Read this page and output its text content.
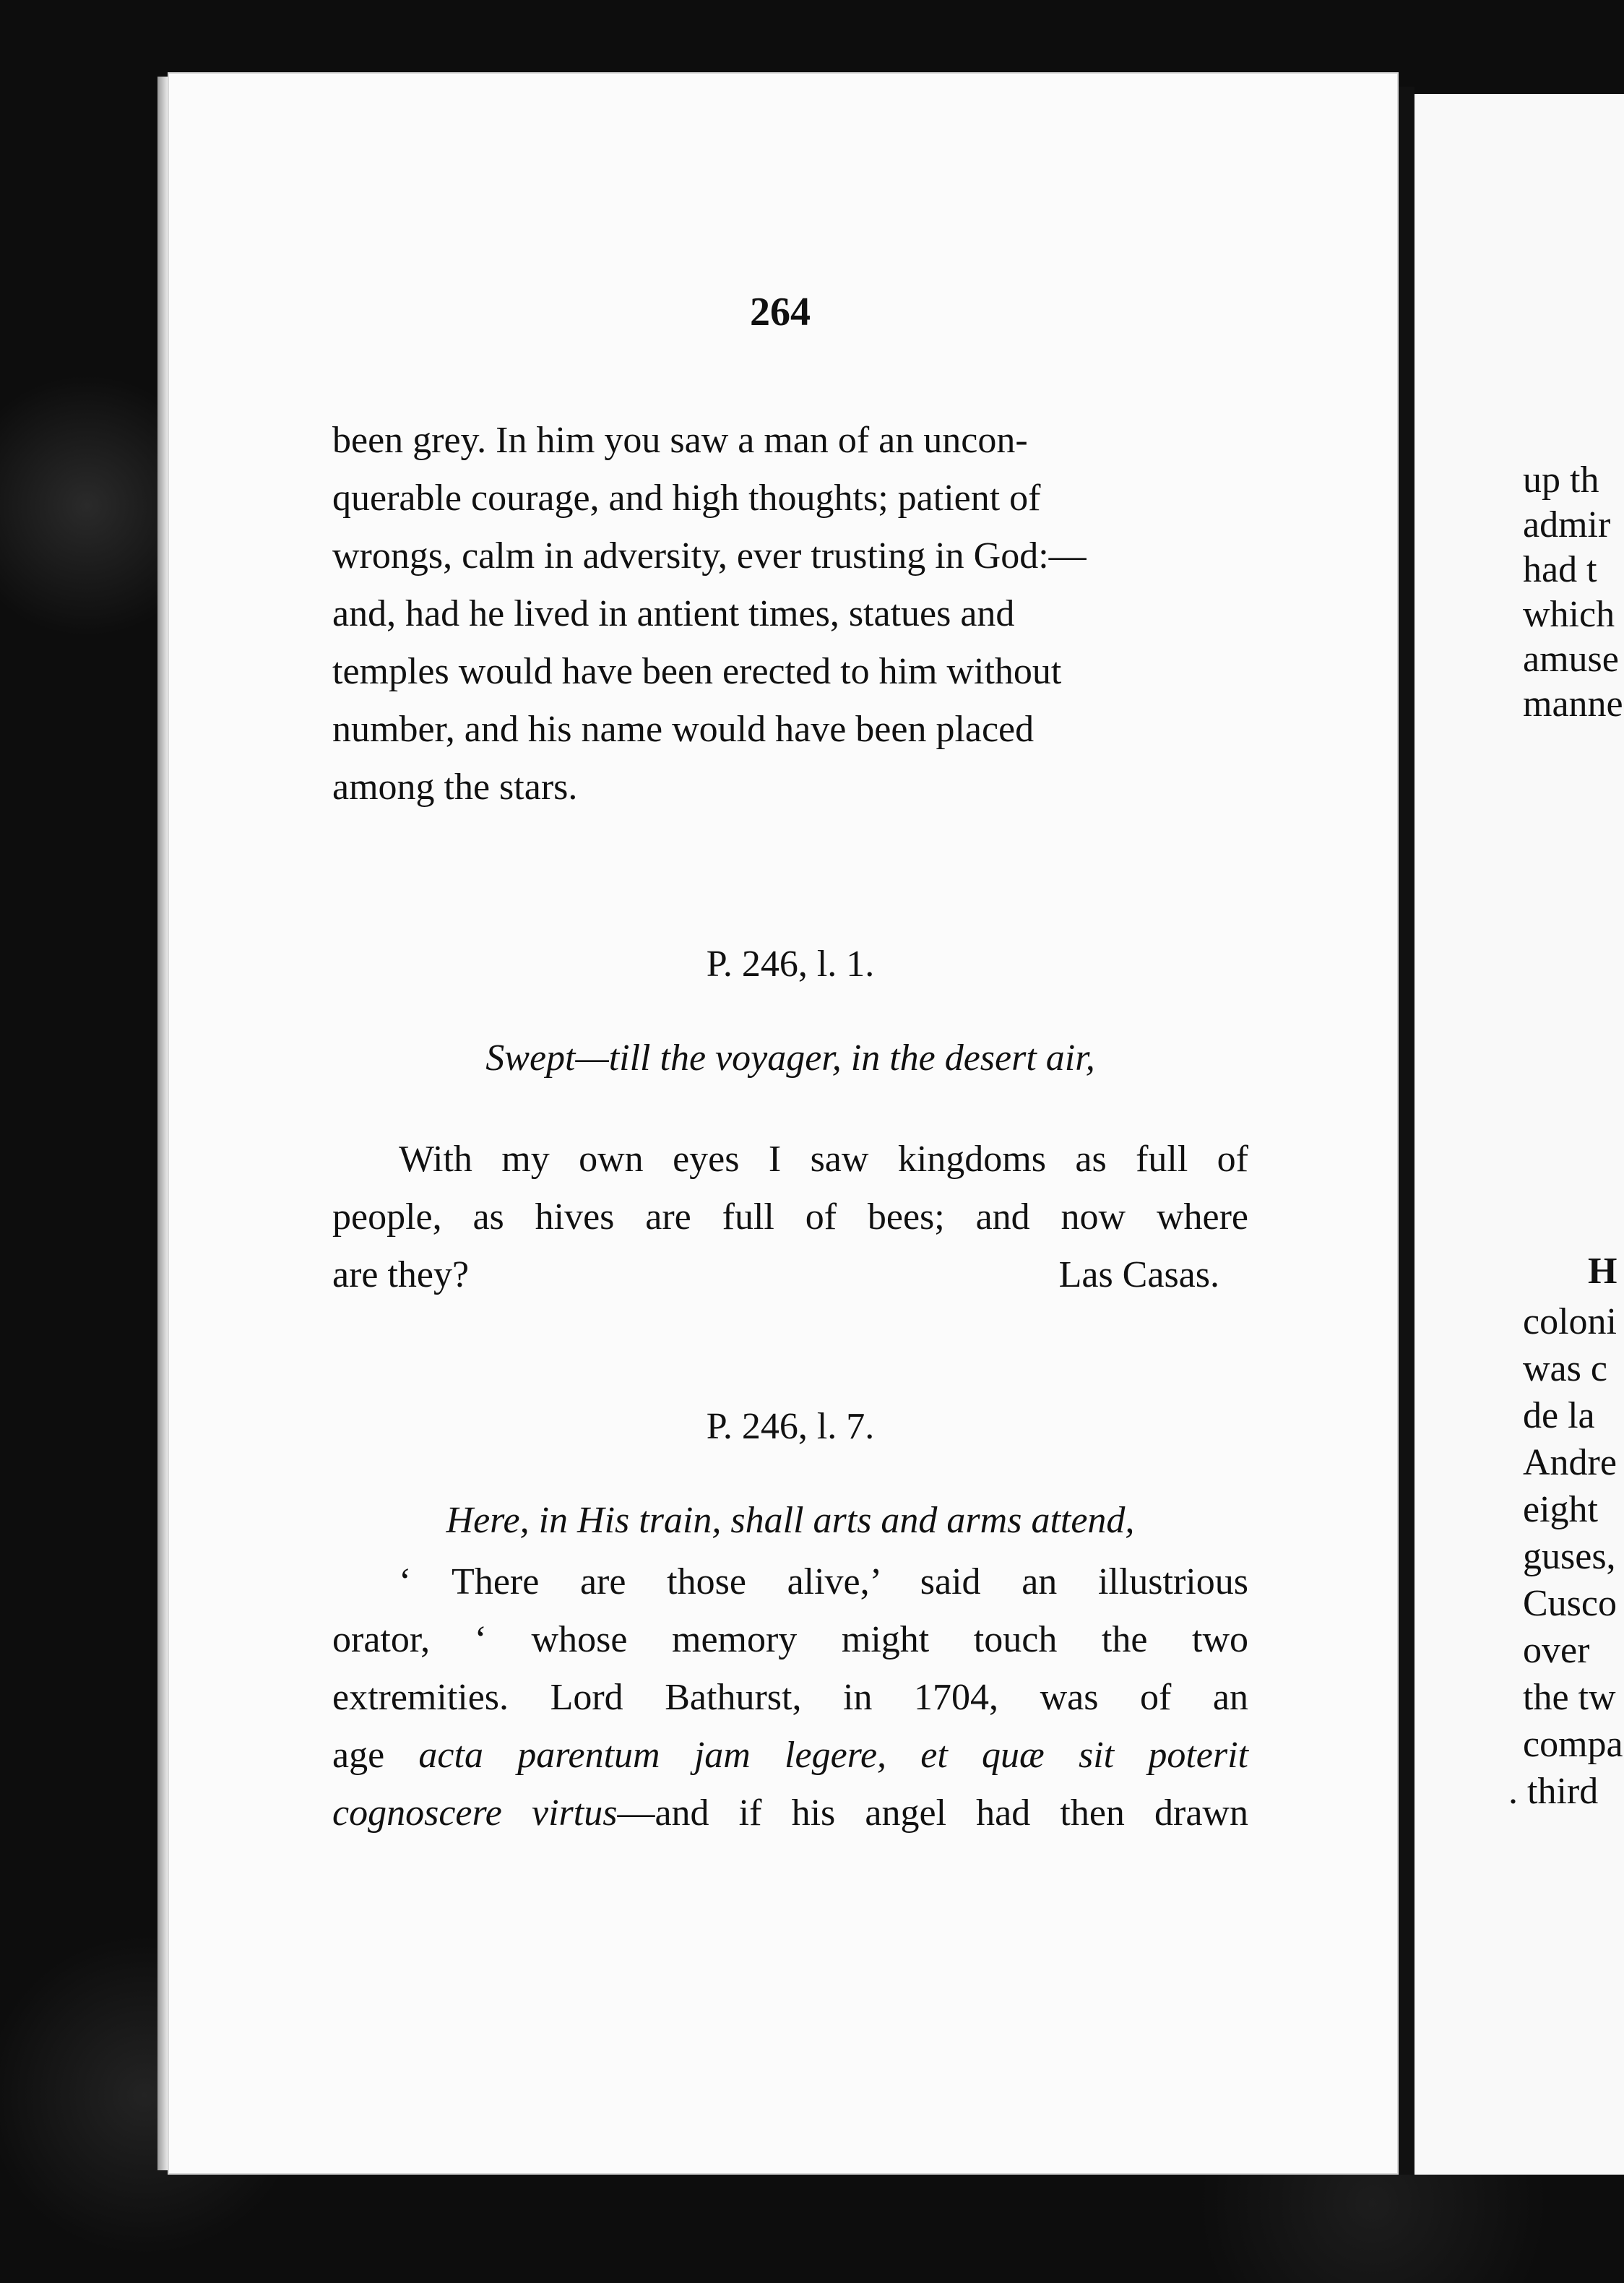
up th
admir
had t
which
amuse
manne
H
coloni
was c
de la
Andre
eight
guses,
Cusco
over
the tw
compa
. third
264
been grey. In him you saw a man of an uncon-
querable courage, and high thoughts; patient of
wrongs, calm in adversity, ever trusting in God:—
and, had he lived in antient times, statues and
temples would have been erected to him without
number, and his name would have been placed
among the stars.
P. 246, l. 1.
Swept—till the voyager, in the desert air,
With my own eyes I saw kingdoms as full of
people, as hives are full of bees; and now where
are they?	Las Casas.
P. 246, l. 7.
Here, in His train, shall arts and arms attend,
‘ There are those alive,’ said an illustrious
orator, ‘ whose memory might touch the two
extremities. Lord Bathurst, in 1704, was of an
age acta parentum jam legere, et quæ sit poterit
cognoscere virtus—and if his angel had then drawn
